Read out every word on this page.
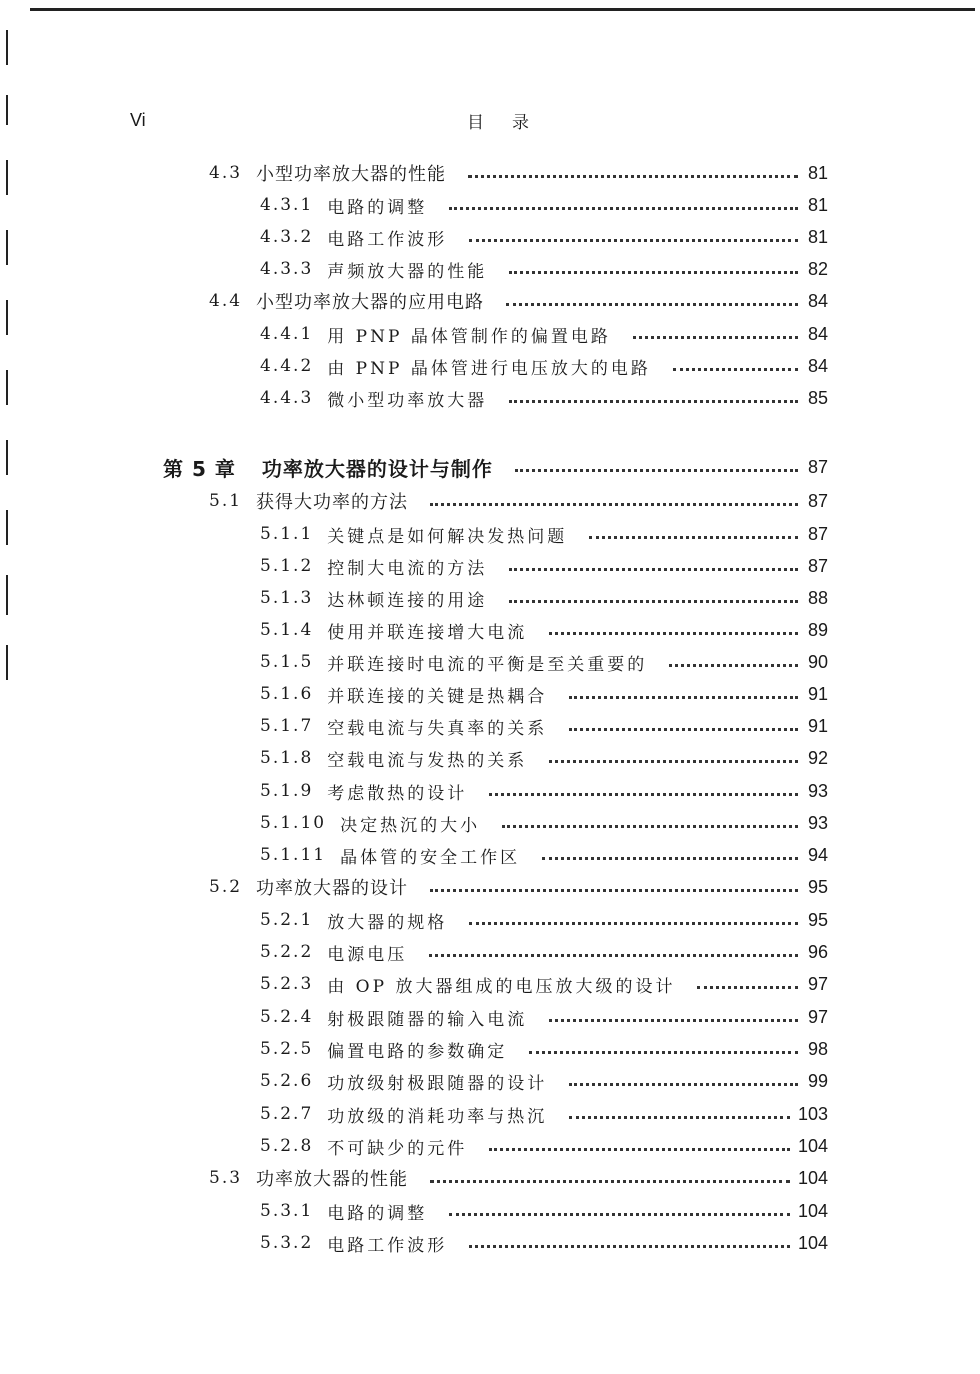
Vi	目录
4.3 小型功率放大器的性能	81
4.3.1 电路的调整	81
4.3.2 电路工作波形	81
4.3.3 声频放大器的性能	82
4.4 小型功率放大器的应用电路	84
4.4.1 用 PNP 晶体管制作的偏置电路	84
4.4.2 由 PNP 晶体管进行电压放大的电路	84
4.4.3 微小型功率放大器	85
第 5 章 功率放大器的设计与制作	87
5.1 获得大功率的方法	87
5.1.1 关键点是如何解决发热问题	87
5.1.2 控制大电流的方法	87
5.1.3 达林顿连接的用途	88
5.1.4 使用并联连接增大电流	89
5.1.5 并联连接时电流的平衡是至关重要的	90
5.1.6 并联连接的关键是热耦合	91
5.1.7 空载电流与失真率的关系	91
5.1.8 空载电流与发热的关系	92
5.1.9 考虑散热的设计	93
5.1.10 决定热沉的大小	93
5.1.11 晶体管的安全工作区	94
5.2 功率放大器的设计	95
5.2.1 放大器的规格	95
5.2.2 电源电压	96
5.2.3 由 OP 放大器组成的电压放大级的设计	97
5.2.4 射极跟随器的输入电流	97
5.2.5 偏置电路的参数确定	98
5.2.6 功放级射极跟随器的设计	99
5.2.7 功放级的消耗功率与热沉	103
5.2.8 不可缺少的元件	104
5.3 功率放大器的性能	104
5.3.1 电路的调整	104
5.3.2 电路工作波形	104
